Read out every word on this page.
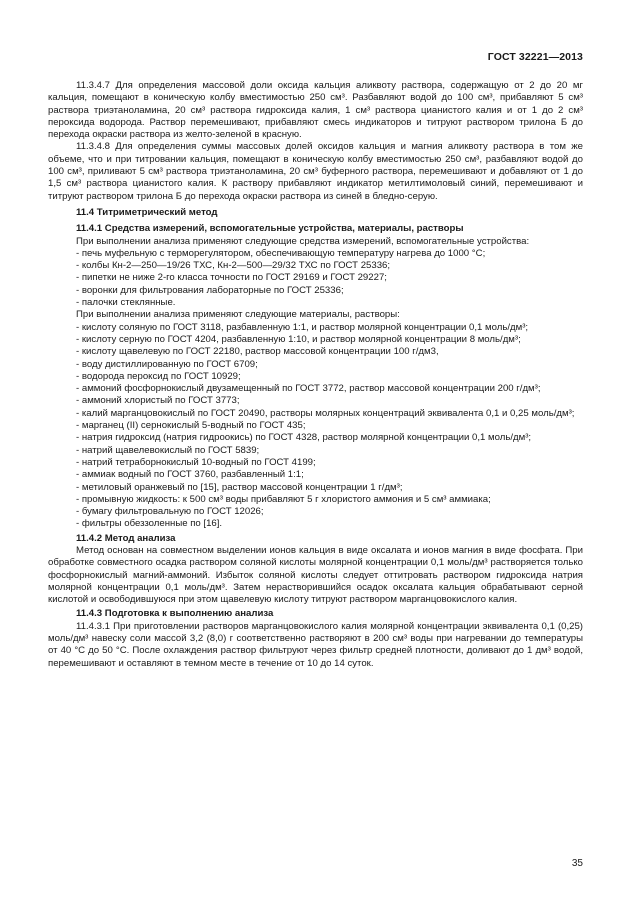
ГОСТ 32221—2013

11.3.4.7 Для определения массовой доли оксида кальция аликвоту раствора, содержащую от 2 до 20 мг кальция, помещают в коническую колбу вместимостью 250 см³. Разбавляют водой до 100 см³, прибавляют 5 см³ раствора триэтаноламина, 20 см³ раствора гидроксида калия, 1 см³ раствора цианистого калия и от 1 до 2 см³ пероксида водорода. Раствор перемешивают, прибавляют смесь индикаторов и титруют раствором трилона Б до перехода окраски раствора из желто-зеленой в красную.

11.3.4.8 Для определения суммы массовых долей оксидов кальция и магния аликвоту раствора в том же объеме, что и при титровании кальция, помещают в коническую колбу вместимостью 250 см³, разбавляют водой до 100 см³, приливают 5 см³ раствора триэтаноламина, 20 см³ буферного раствора, перемешивают и добавляют от 1 до 1,5 см³ раствора цианистого калия. К раствору прибавляют индикатор метилтимоловый синий, перемешивают и титруют раствором трилона Б до перехода окраски раствора из синей в бледно-серую.

11.4 Титриметрический метод

11.4.1 Средства измерений, вспомогательные устройства, материалы, растворы

При выполнении анализа применяют следующие средства измерений, вспомогательные устройства:

- печь муфельную с терморегулятором, обеспечивающую температуру нагрева до 1000 °С;

- колбы Кн-2—250—19/26 ТХС, Кн-2—500—29/32 ТХС по ГОСТ 25336;

- пипетки не ниже 2-го класса точности по ГОСТ 29169 и ГОСТ 29227;

- воронки для фильтрования лабораторные по ГОСТ 25336;

- палочки стеклянные.

При выполнении анализа применяют следующие материалы, растворы:

- кислоту соляную по ГОСТ 3118, разбавленную 1:1, и раствор молярной концентрации 0,1 моль/дм³;

- кислоту серную по ГОСТ 4204, разбавленную 1:10, и раствор молярной концентрации 8 моль/дм³;

- кислоту щавелевую по ГОСТ 22180, раствор массовой концентрации 100 г/дм3,

- воду дистиллированную по ГОСТ 6709;

- водорода пероксид по ГОСТ 10929;

- аммоний фосфорнокислый двузамещенный по ГОСТ 3772, раствор массовой концентрации 200 г/дм³;

- аммоний хлористый по ГОСТ 3773;

- калий марганцовокислый по ГОСТ 20490, растворы молярных концентраций эквивалента 0,1 и 0,25 моль/дм³;

- марганец (II) сернокислый 5-водный по ГОСТ 435;

- натрия гидроксид (натрия гидроокись) по ГОСТ 4328, раствор молярной концентрации 0,1 моль/дм³;

- натрий щавелевокислый по ГОСТ 5839;

- натрий тетраборнокислый 10-водный по ГОСТ 4199;

- аммиак водный по ГОСТ 3760, разбавленный 1:1;

- метиловый оранжевый по [15], раствор массовой концентрации 1 г/дм³;

- промывную жидкость: к 500 см³ воды прибавляют 5 г хлористого аммония и 5 см³ аммиака;

- бумагу фильтровальную по ГОСТ 12026;

- фильтры обеззоленные по [16].

11.4.2 Метод анализа

Метод основан на совместном выделении ионов кальция в виде оксалата и ионов магния в виде фосфата. При обработке совместного осадка раствором соляной кислоты молярной концентрации 0,1 моль/дм³ растворяется только фосфорнокислый магний-аммоний. Избыток соляной кислоты следует оттитровать раствором гидроксида натрия молярной концентрации 0,1 моль/дм³. Затем нерастворившийся осадок оксалата кальция обрабатывают серной кислотой и освободившуюся при этом щавелевую кислоту титруют раствором марганцовокислого калия.

11.4.3 Подготовка к выполнению анализа

11.4.3.1 При приготовлении растворов марганцовокислого калия молярной концентрации эквивалента 0,1 (0,25) моль/дм³ навеску соли массой 3,2 (8,0) г соответственно растворяют в 200 см³ воды при нагревании до температуры от 40 °С до 50 °С. После охлаждения раствор фильтруют через фильтр средней плотности, доливают до 1 дм³ водой, перемешивают и оставляют в темном месте в течение от 10 до 14 суток.

35
